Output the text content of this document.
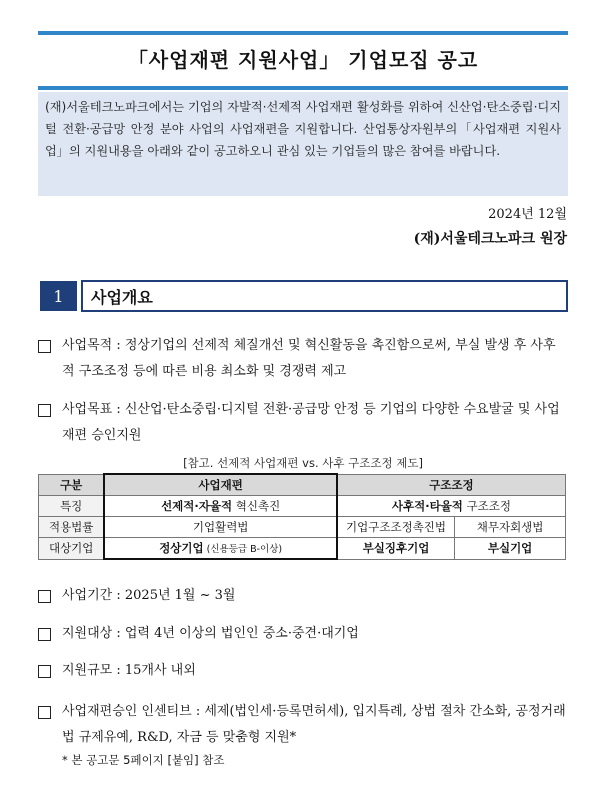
「사업재편 지원사업」 기업모집 공고
(재)서울테크노파크에서는 기업의 자발적·선제적 사업재편 활성화를 위하여 신산업·탄소중립·디지털 전환·공급망 안정 분야 사업의 사업재편을 지원합니다. 산업통상자원부의「사업재편 지원사업」의 지원내용을 아래와 같이 공고하오니 관심 있는 기업들의 많은 참여를 바랍니다.
2024년 12월
(재)서울테크노파크 원장
1	사업개요
사업목적 : 정상기업의 선제적 체질개선 및 혁신활동을 촉진함으로써, 부실 발생 후 사후적 구조조정 등에 따른 비용 최소화 및 경쟁력 제고
사업목표 : 신산업·탄소중립·디지털 전환·공급망 안정 등 기업의 다양한 수요발굴 및 사업재편 승인지원
[참고. 선제적 사업재편 vs. 사후 구조조정 제도]
구분	사업재편	구조조정	
특징	선제적·자율적 혁신촉진	사후적·타율적 구조조정	
적용법률	기업활력법	기업구조조정촉진법	채무자회생법
대상기업	정상기업 (신용등급 B-이상)	부실징후기업	부실기업
사업기간 : 2025년 1월 ~ 3월
지원대상 : 업력 4년 이상의 법인인 중소·중견·대기업
지원규모 : 15개사 내외
사업재편승인 인센티브 : 세제(법인세·등록면허세), 입지특례, 상법 절차 간소화, 공정거래법 규제유예, R&D, 자금 등 맞춤형 지원*
* 본 공고문 5페이지 [붙임] 참조
